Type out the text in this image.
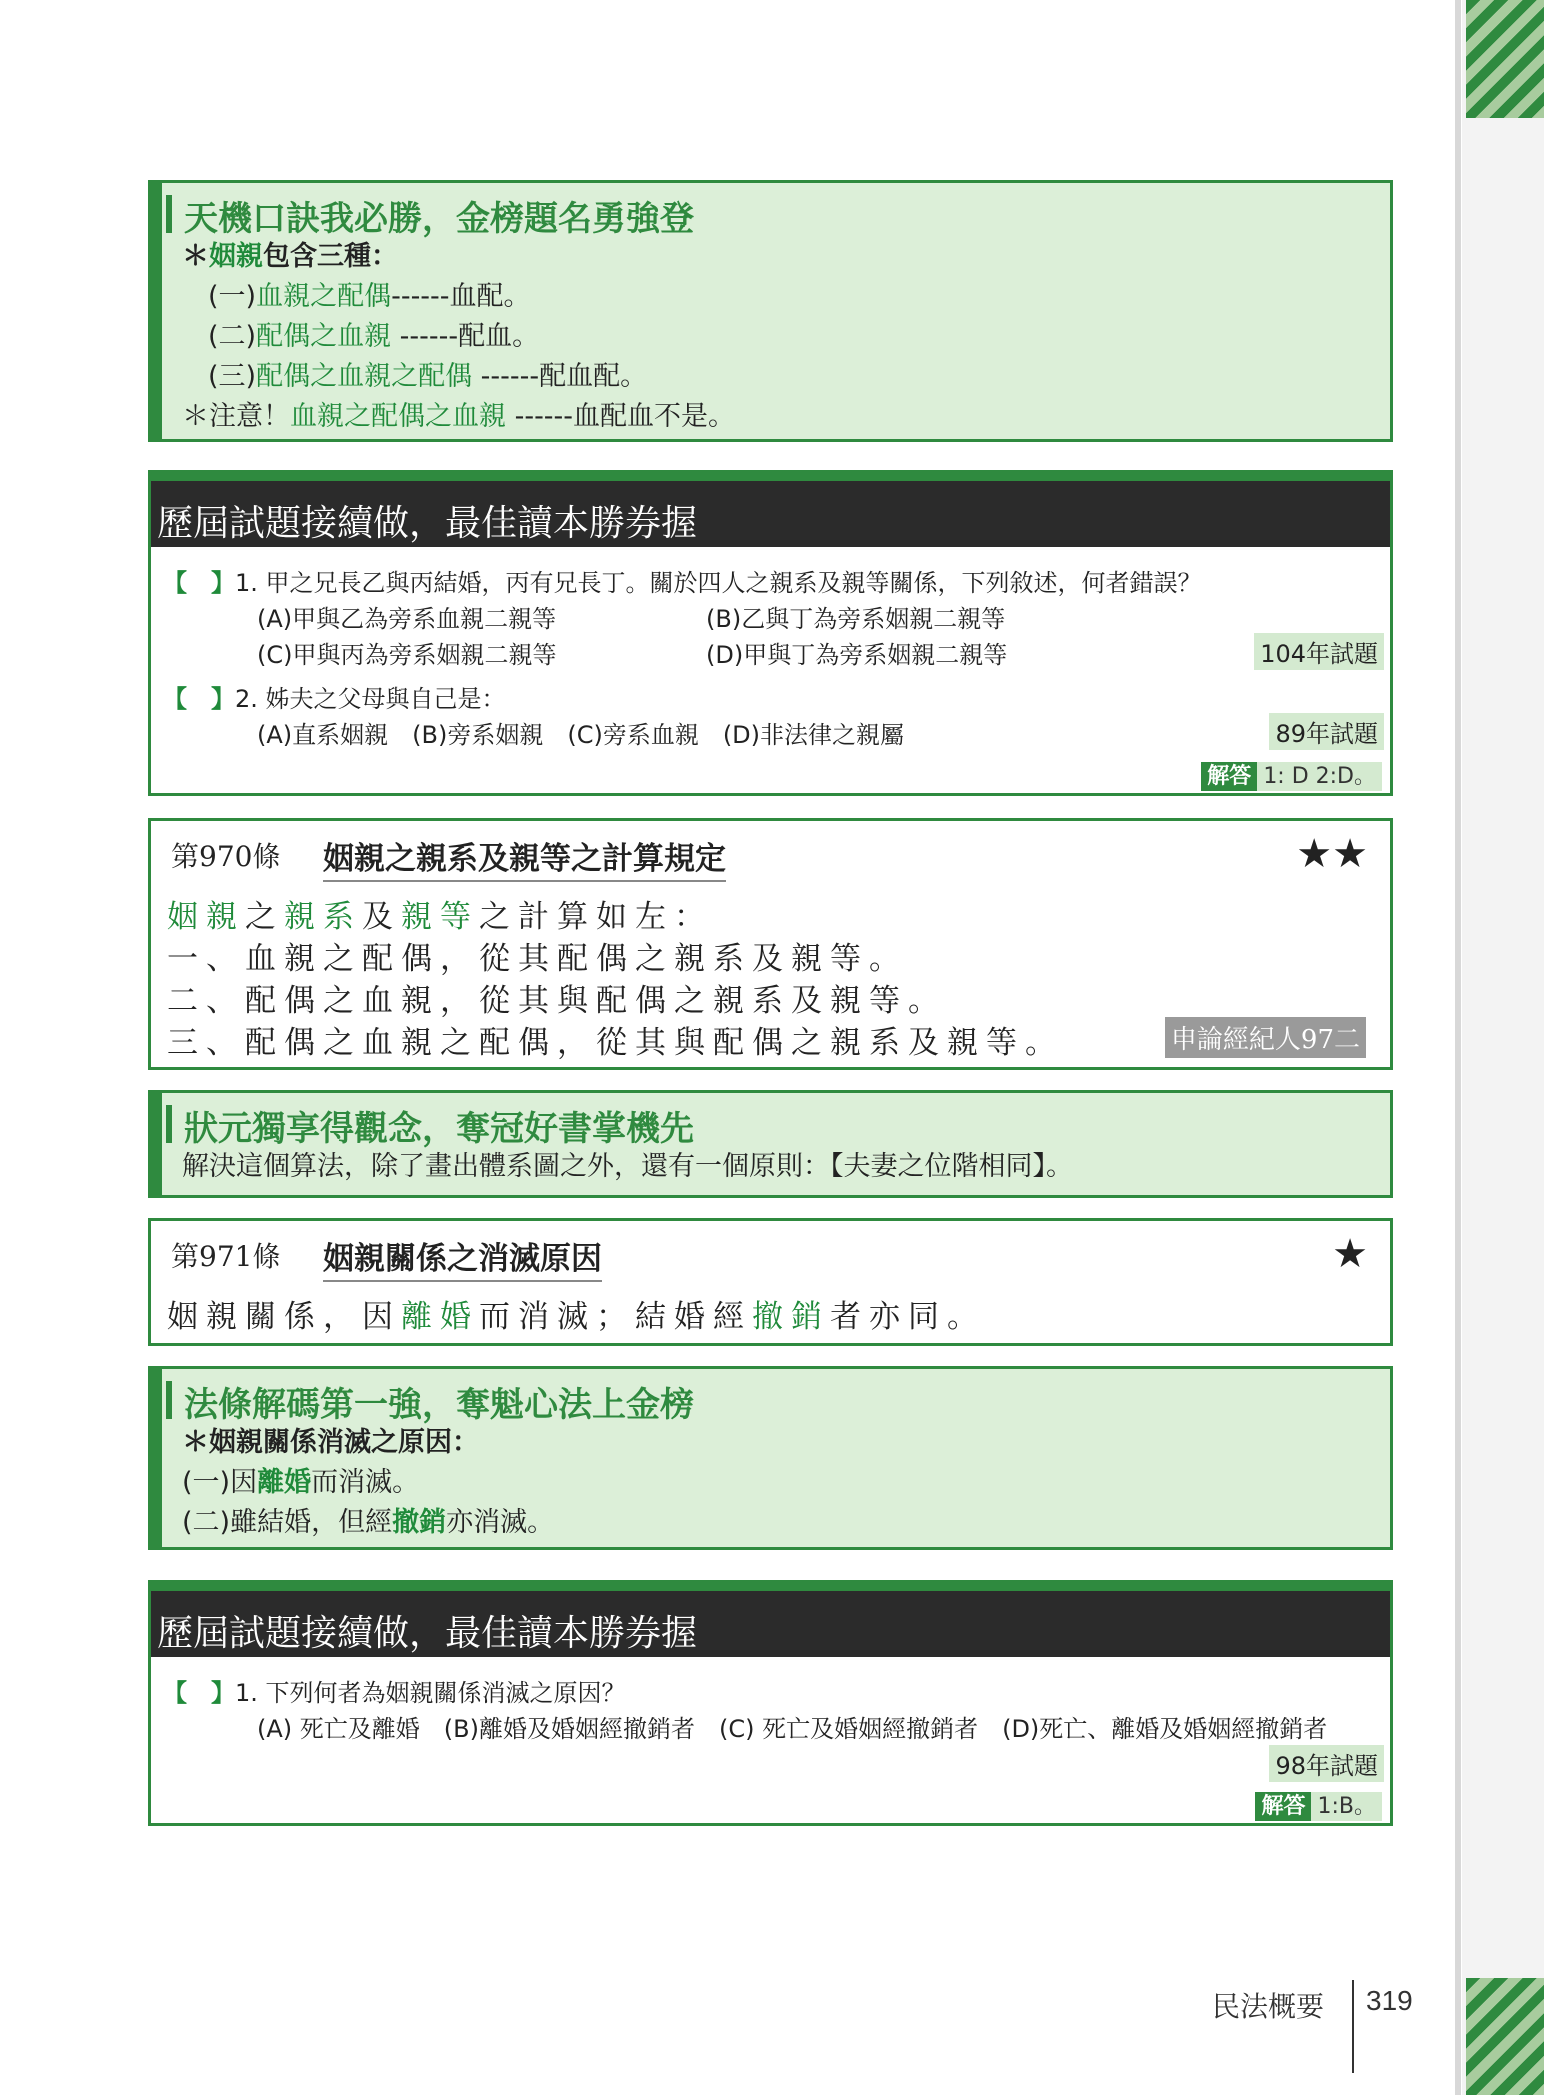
天機口訣我必勝，金榜題名勇強登
＊姻親包含三種：
(一)血親之配偶------血配。
(二)配偶之血親 ------配血。
(三)配偶之血親之配偶 ------配血配。
＊注意！血親之配偶之血親 ------血配血不是。
歷屆試題接續做，最佳讀本勝券握
【　】1. 甲之兄長乙與丙結婚，丙有兄長丁。關於四人之親系及親等關係，下列敘述，何者錯誤？
(A)甲與乙為旁系血親二親等	(B)乙與丁為旁系姻親二親等
(C)甲與丙為旁系姻親二親等	(D)甲與丁為旁系姻親二親等	104年試題
【　】2. 姊夫之父母與自己是：
(A)直系姻親　(B)旁系姻親　(C)旁系血親　(D)非法律之親屬	89年試題
解答 1: D 2:D。
第970條 姻親之親系及親等之計算規定	★★
姻親之親系及親等之計算如左：
一、血親之配偶，從其配偶之親系及親等。
二、配偶之血親，從其與配偶之親系及親等。
三、配偶之血親之配偶，從其與配偶之親系及親等。	申論經紀人97二
狀元獨享得觀念，奪冠好書掌機先
解決這個算法，除了畫出體系圖之外，還有一個原則：【夫妻之位階相同】。
第971條 姻親關係之消滅原因	★
姻親關係，因離婚而消滅；結婚經撤銷者亦同。
法條解碼第一強，奪魁心法上金榜
＊姻親關係消滅之原因：
(一)因離婚而消滅。
(二)雖結婚，但經撤銷亦消滅。
歷屆試題接續做，最佳讀本勝券握
【　】1. 下列何者為姻親關係消滅之原因？
(A) 死亡及離婚　(B)離婚及婚姻經撤銷者　(C) 死亡及婚姻經撤銷者　(D)死亡、離婚及婚姻經撤銷者
98年試題
解答 1:B。
民法概要 319
